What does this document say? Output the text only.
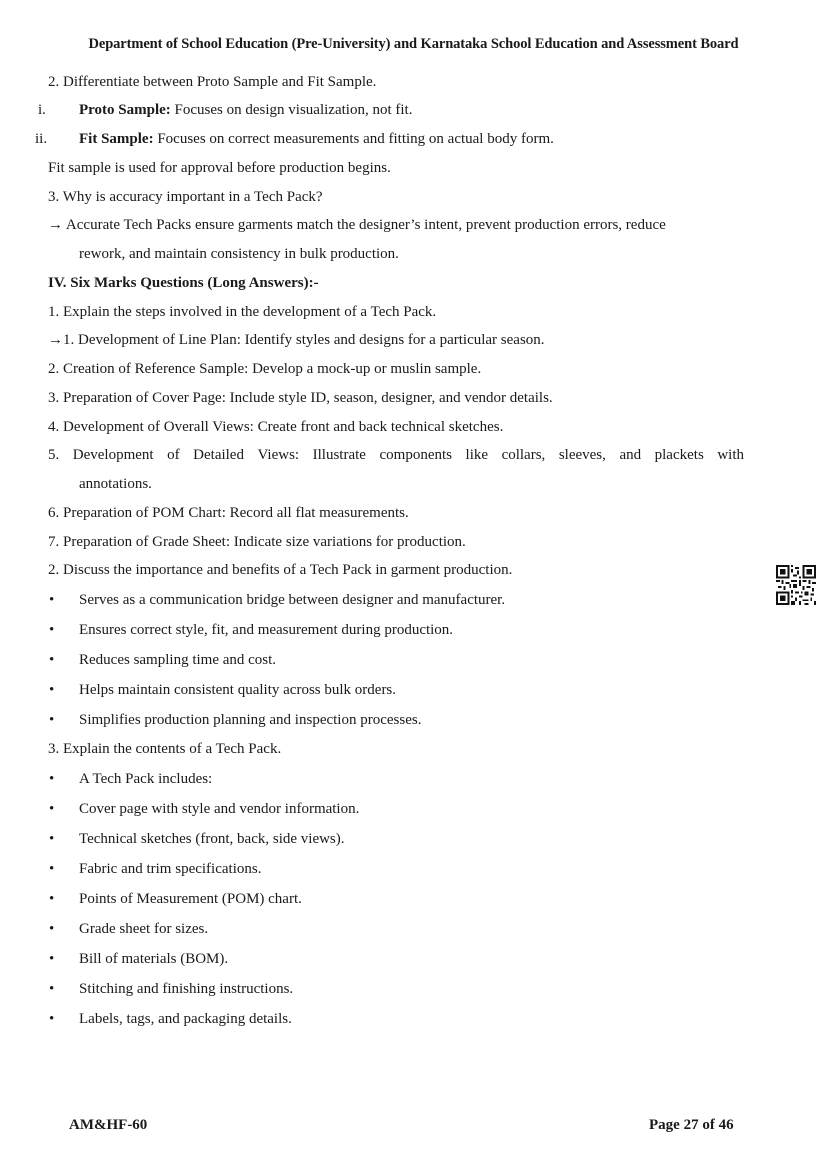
Department of School Education (Pre-University) and Karnataka School Education and Assessment Board
2. Differentiate between Proto Sample and Fit Sample.
i. Proto Sample: Focuses on design visualization, not fit.
ii. Fit Sample: Focuses on correct measurements and fitting on actual body form.
Fit sample is used for approval before production begins.
3. Why is accuracy important in a Tech Pack?
→ Accurate Tech Packs ensure garments match the designer’s intent, prevent production errors, reduce
rework, and maintain consistency in bulk production.
IV. Six Marks Questions (Long Answers):-
1. Explain the steps involved in the development of a Tech Pack.
→1. Development of Line Plan: Identify styles and designs for a particular season.
2. Creation of Reference Sample: Develop a mock-up or muslin sample.
3. Preparation of Cover Page: Include style ID, season, designer, and vendor details.
4. Development of Overall Views: Create front and back technical sketches.
5. Development of Detailed Views: Illustrate components like collars, sleeves, and plackets with
annotations.
6. Preparation of POM Chart: Record all flat measurements.
7. Preparation of Grade Sheet: Indicate size variations for production.
2. Discuss the importance and benefits of a Tech Pack in garment production.
• Serves as a communication bridge between designer and manufacturer.
• Ensures correct style, fit, and measurement during production.
• Reduces sampling time and cost.
• Helps maintain consistent quality across bulk orders.
• Simplifies production planning and inspection processes.
3. Explain the contents of a Tech Pack.
• A Tech Pack includes:
• Cover page with style and vendor information.
• Technical sketches (front, back, side views).
• Fabric and trim specifications.
• Points of Measurement (POM) chart.
• Grade sheet for sizes.
• Bill of materials (BOM).
• Stitching and finishing instructions.
• Labels, tags, and packaging details.
AM&HF-60	Page 27 of 46
